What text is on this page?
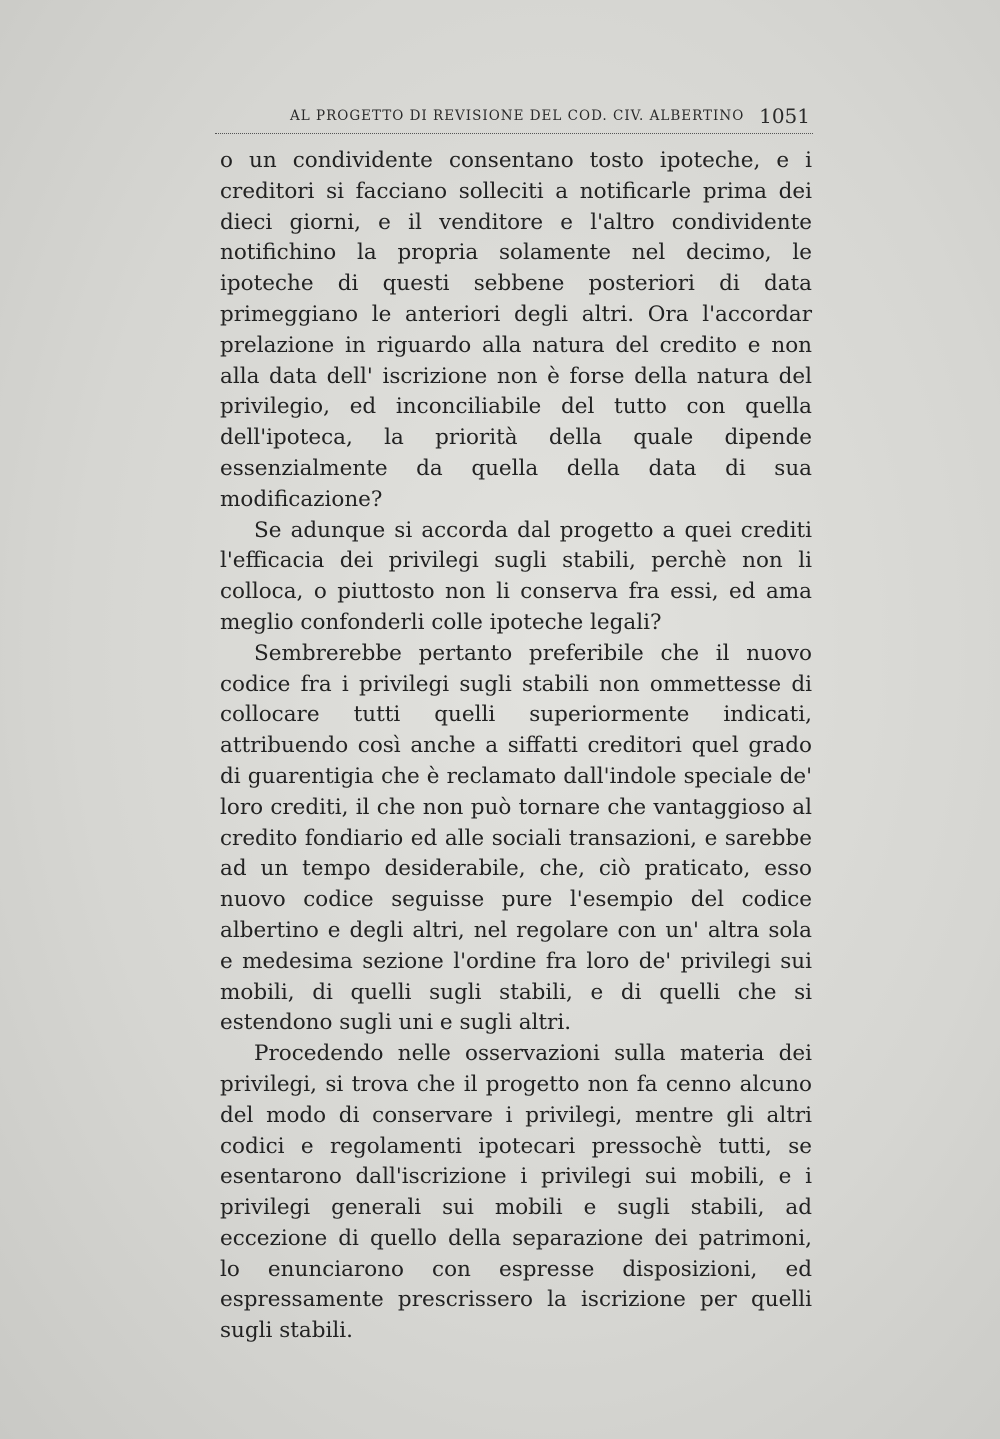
AL PROGETTO DI REVISIONE DEL COD. CIV. ALBERTINO 1051

o un condividente consentano tosto ipoteche, e i creditori si facciano solleciti a notificarle prima dei dieci giorni, e il venditore e l'altro condividente notifichino la propria solamente nel decimo, le ipoteche di questi sebbene posteriori di data primeggiano le anteriori degli altri. Ora l'accordar prelazione in riguardo alla natura del credito e non alla data dell' iscrizione non è forse della natura del privilegio, ed inconciliabile del tutto con quella dell'ipoteca, la priorità della quale dipende essenzialmente da quella della data di sua modificazione?

Se adunque si accorda dal progetto a quei crediti l'efficacia dei privilegi sugli stabili, perchè non li colloca, o piuttosto non li conserva fra essi, ed ama meglio confonderli colle ipoteche legali?

Sembrerebbe pertanto preferibile che il nuovo codice fra i privilegi sugli stabili non ommettesse di collocare tutti quelli superiormente indicati, attribuendo così anche a siffatti creditori quel grado di guarentigia che è reclamato dall'indole speciale de' loro crediti, il che non può tornare che vantaggioso al credito fondiario ed alle sociali transazioni, e sarebbe ad un tempo desiderabile, che, ciò praticato, esso nuovo codice seguisse pure l'esempio del codice albertino e degli altri, nel regolare con un' altra sola e medesima sezione l'ordine fra loro de' privilegi sui mobili, di quelli sugli stabili, e di quelli che si estendono sugli uni e sugli altri.

Procedendo nelle osservazioni sulla materia dei privilegi, si trova che il progetto non fa cenno alcuno del modo di conservare i privilegi, mentre gli altri codici e regolamenti ipotecari pressochè tutti, se esentarono dall'iscrizione i privilegi sui mobili, e i privilegi generali sui mobili e sugli stabili, ad eccezione di quello della separazione dei patrimoni, lo enunciarono con espresse disposizioni, ed espressamente prescrissero la iscrizione per quelli sugli stabili.
